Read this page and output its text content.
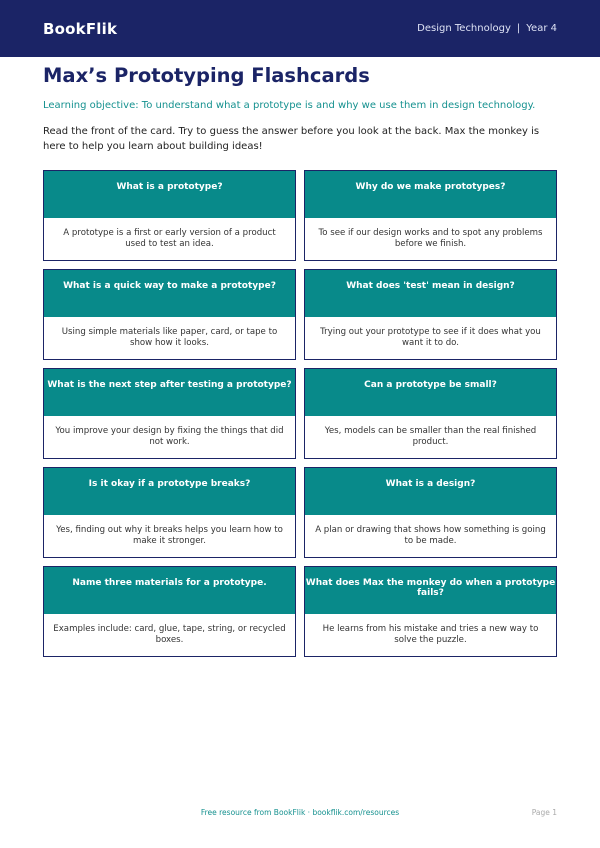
BookFlik	Design Technology | Year 4
Max’s Prototyping Flashcards

Learning objective: To understand what a prototype is and why we use them in design technology.

Read the front of the card. Try to guess the answer before you look at the back. Max the monkey is here to help you learn about building ideas!

What is a prototype?
A prototype is a first or early version of a product used to test an idea.
Why do we make prototypes?
To see if our design works and to spot any problems before we finish.
What is a quick way to make a prototype?
Using simple materials like paper, card, or tape to show how it looks.
What does 'test' mean in design?
Trying out your prototype to see if it does what you want it to do.
What is the next step after testing a prototype?
You improve your design by fixing the things that did not work.
Can a prototype be small?
Yes, models can be smaller than the real finished product.
Is it okay if a prototype breaks?
Yes, finding out why it breaks helps you learn how to make it stronger.
What is a design?
A plan or drawing that shows how something is going to be made.
Name three materials for a prototype.
Examples include: card, glue, tape, string, or recycled boxes.
What does Max the monkey do when a prototype fails?
He learns from his mistake and tries a new way to solve the puzzle.
Free resource from BookFlik · bookflik.com/resources	Page 1
